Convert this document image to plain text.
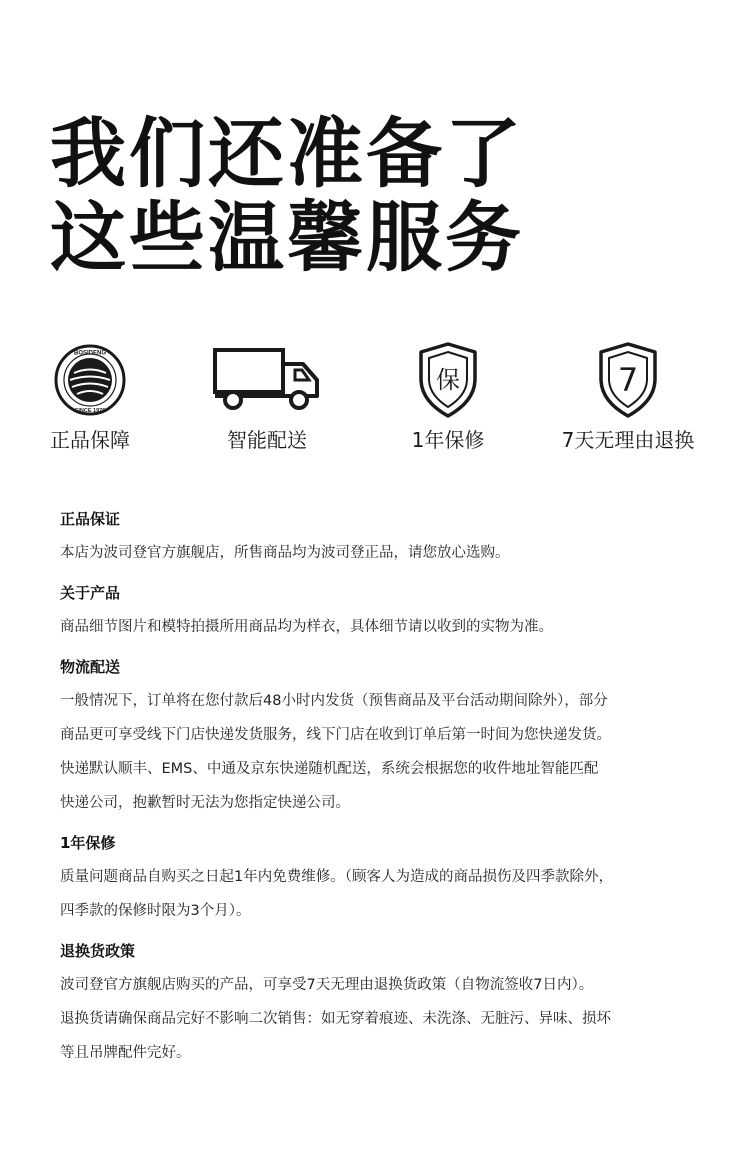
我们还准备了
这些温馨服务
BOSIDENG
SINCE 1976
正品保障	智能配送
保
1年保修
7
7天无理由退换
正品保证
本店为波司登官方旗舰店，所售商品均为波司登正品，请您放心选购。
关于产品
商品细节图片和模特拍摄所用商品均为样衣，具体细节请以收到的实物为准。
物流配送
一般情况下，订单将在您付款后48小时内发货（预售商品及平台活动期间除外），部分
商品更可享受线下门店快递发货服务，线下门店在收到订单后第一时间为您快递发货。
快递默认顺丰、EMS、中通及京东快递随机配送，系统会根据您的收件地址智能匹配
快递公司，抱歉暂时无法为您指定快递公司。
1年保修
质量问题商品自购买之日起1年内免费维修。（顾客人为造成的商品损伤及四季款除外，
四季款的保修时限为3个月）。
退换货政策
波司登官方旗舰店购买的产品，可享受7天无理由退换货政策（自物流签收7日内）。
退换货请确保商品完好不影响二次销售：如无穿着痕迹、未洗涤、无脏污、异味、损坏
等且吊牌配件完好。
